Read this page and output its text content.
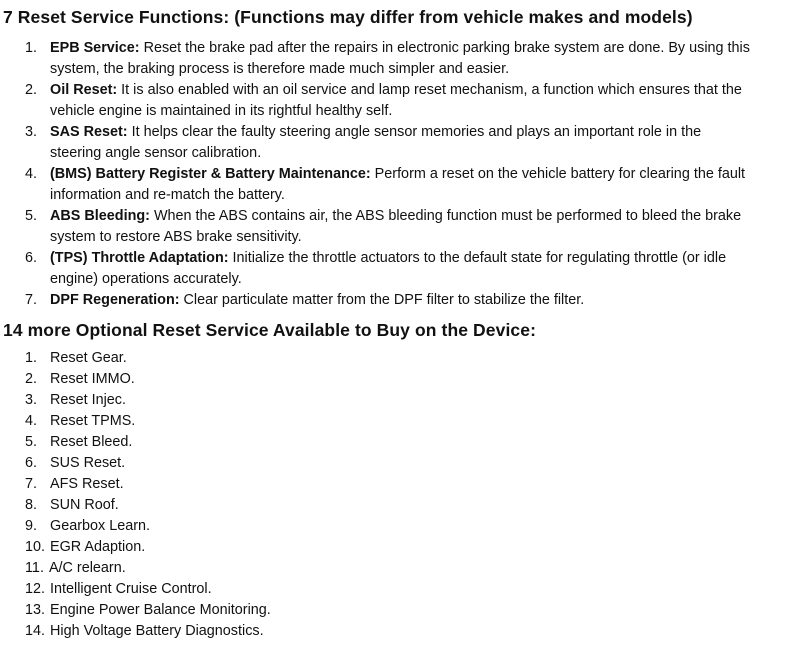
7 Reset Service Functions: (Functions may differ from vehicle makes and models)
1. EPB Service: Reset the brake pad after the repairs in electronic parking brake system are done. By using this system, the braking process is therefore made much simpler and easier.
2. Oil Reset: It is also enabled with an oil service and lamp reset mechanism, a function which ensures that the vehicle engine is maintained in its rightful healthy self.
3. SAS Reset: It helps clear the faulty steering angle sensor memories and plays an important role in the steering angle sensor calibration.
4. (BMS) Battery Register & Battery Maintenance: Perform a reset on the vehicle battery for clearing the fault information and re-match the battery.
5. ABS Bleeding: When the ABS contains air, the ABS bleeding function must be performed to bleed the brake system to restore ABS brake sensitivity.
6. (TPS) Throttle Adaptation: Initialize the throttle actuators to the default state for regulating throttle (or idle engine) operations accurately.
7. DPF Regeneration: Clear particulate matter from the DPF filter to stabilize the filter.
14 more Optional Reset Service Available to Buy on the Device:
1. Reset Gear.
2. Reset IMMO.
3. Reset Injec.
4. Reset TPMS.
5. Reset Bleed.
6. SUS Reset.
7. AFS Reset.
8. SUN Roof.
9. Gearbox Learn.
10. EGR Adaption.
11. A/C relearn.
12. Intelligent Cruise Control.
13. Engine Power Balance Monitoring.
14. High Voltage Battery Diagnostics.
